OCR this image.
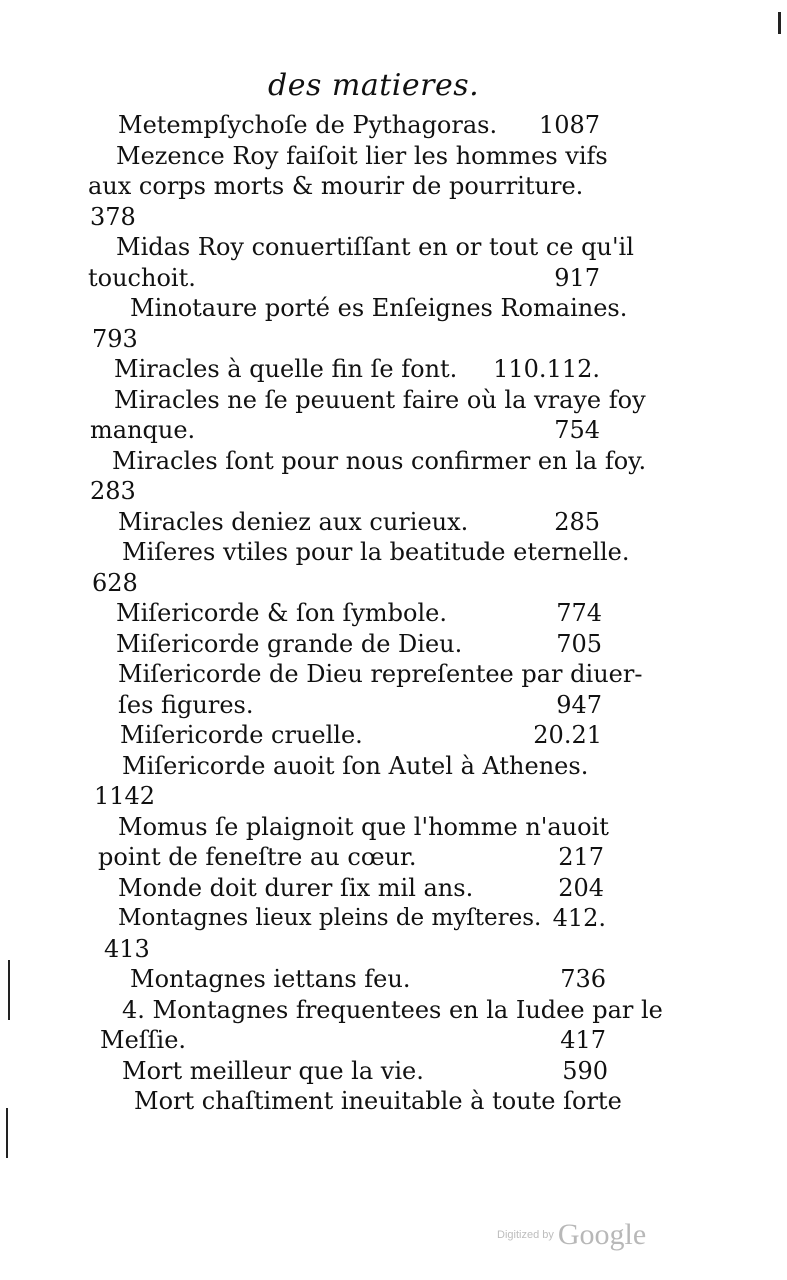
des matieres.
Metempſychoſe de Pythagoras. 1087
Mezence Roy faiſoit lier les hommes vifs
aux corps morts & mourir de pourriture.
378
Midas Roy conuertiſſant en or tout ce qu'il
touchoit.	917
Minotaure porté es Enſeignes Romaines.
793
Miracles à quelle fin ſe font. 110.112.
Miracles ne ſe peuuent faire où la vraye foy
manque.	754
Miracles ſont pour nous confirmer en la foy.
283
Miracles deniez aux curieux.	285
Miſeres vtiles pour la beatitude eternelle.
628
Miſericorde & ſon ſymbole.	774
Miſericorde grande de Dieu.	705
Miſericorde de Dieu repreſentee par diuer-
ſes figures.	947
Miſericorde cruelle.	20.21
Miſericorde auoit ſon Autel à Athenes.
1142
Momus ſe plaignoit que l'homme n'auoit
point de feneſtre au cœur.	217
Monde doit durer ſix mil ans.	204
Montagnes lieux pleins de myſteres. 412.
413
Montagnes iettans feu.	736
4. Montagnes frequentees en la Iudee par le
Meſſie.	417
Mort meilleur que la vie.	590
Mort chaſtiment ineuitable à toute ſorte
Digitized by Google
